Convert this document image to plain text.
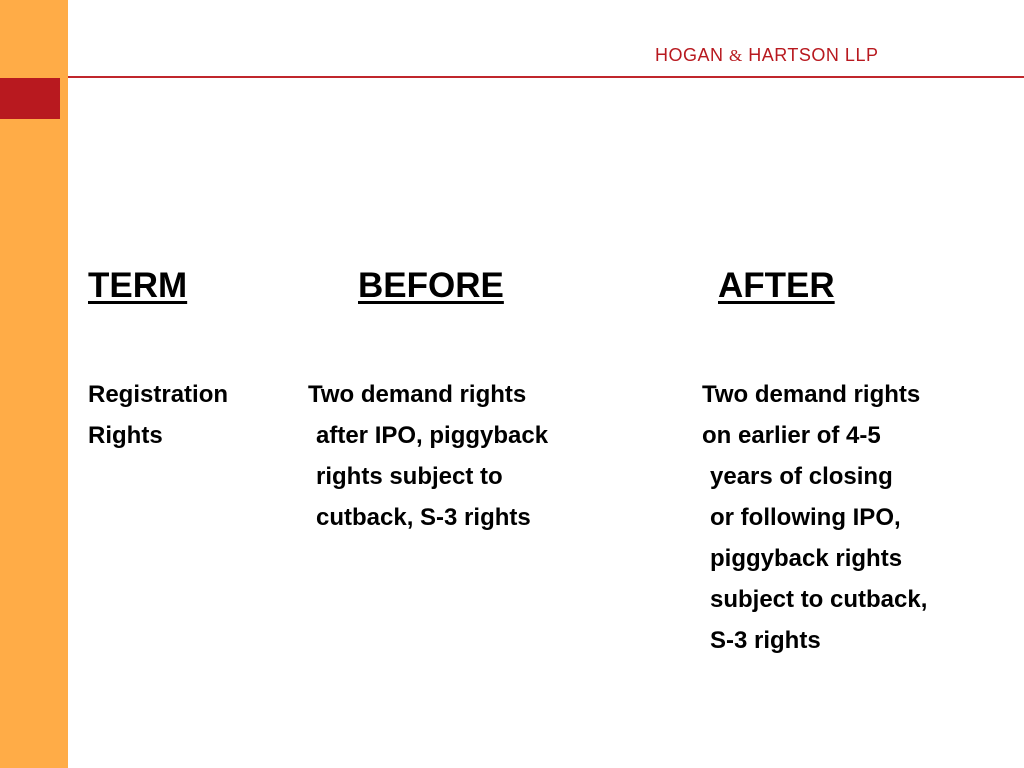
HOGAN & HARTSON LLP
TERM	BEFORE	AFTER
Registration
Rights
Two demand rights
after IPO, piggyback
rights subject to
cutback, S-3 rights
Two demand rights
on earlier of 4-5
years of closing
or following IPO,
piggyback rights
subject to cutback,
S-3 rights
